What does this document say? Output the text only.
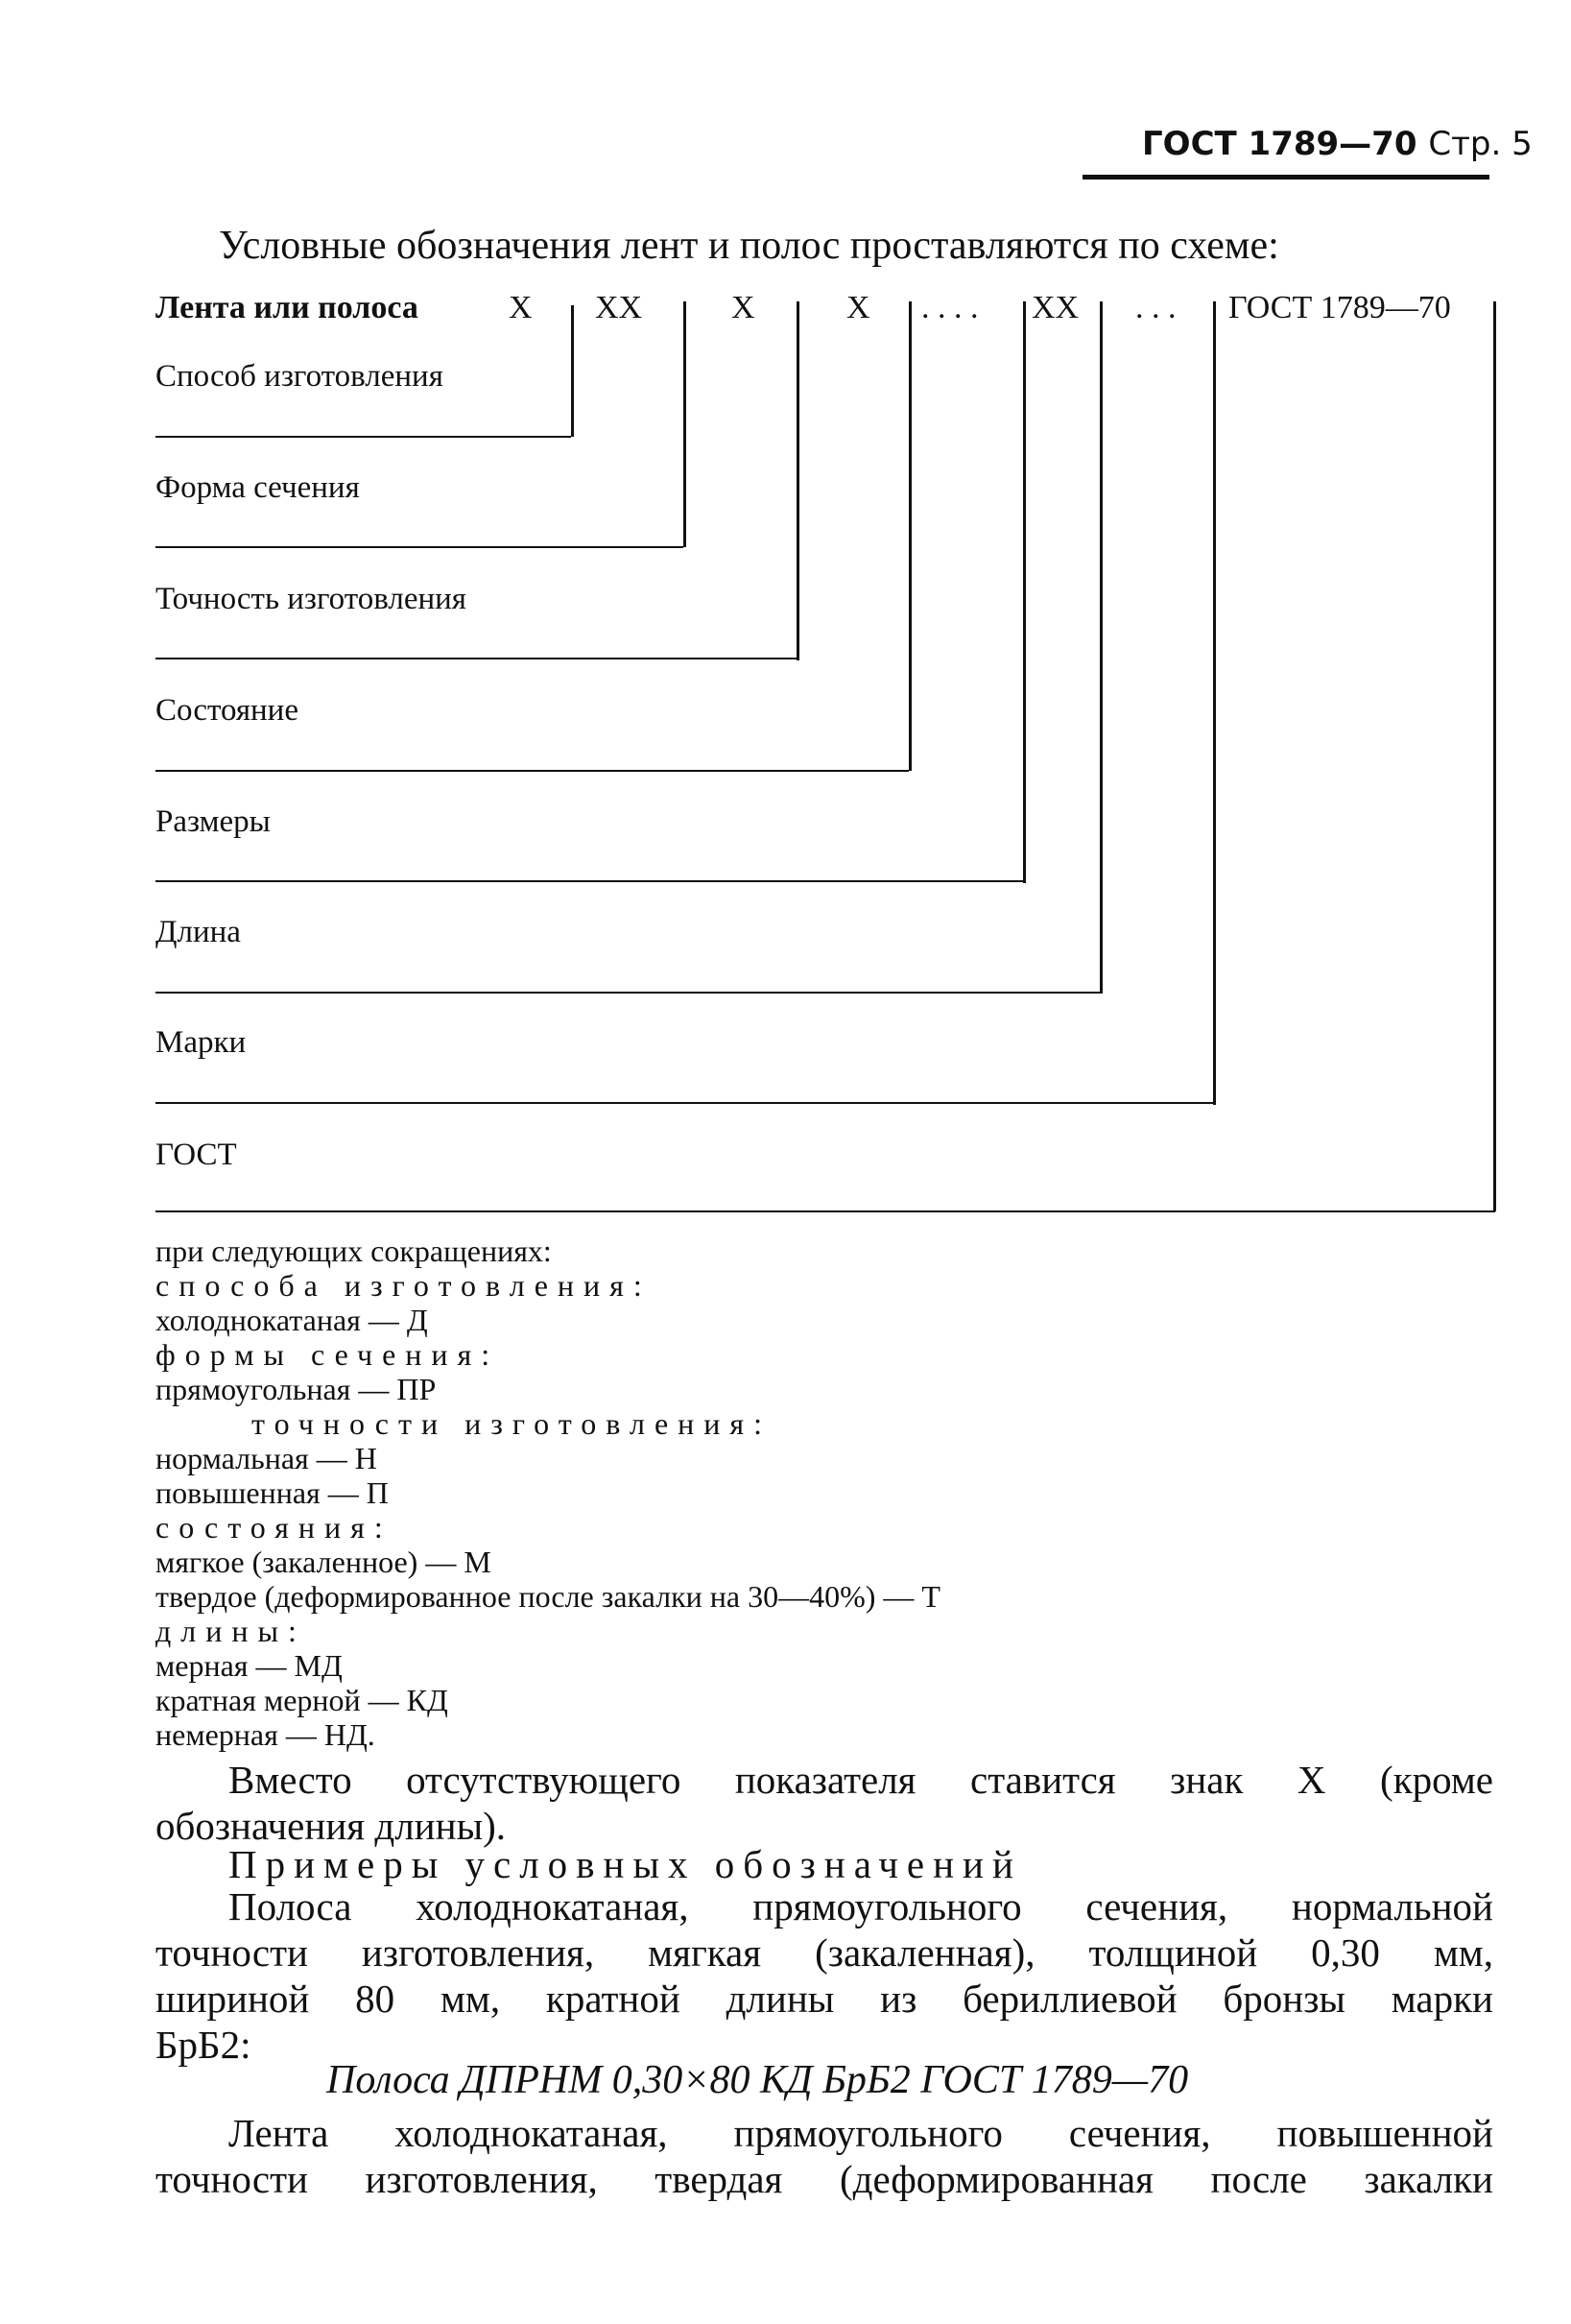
ГОСТ 1789—70 Стр. 5
Условные обозначения лент и полос проставляются по схеме:
Лента или полоса	X XX	X	X . . . . XX . . . ГОСТ 1789—70
Способ изготовления
Форма сечения
Точность изготовления
Состояние
Размеры
Длина
Марки
ГОСТ
при следующих сокращениях:
способа изготовления:
холоднокатаная — Д
формы сечения:
прямоугольная — ПР
точности изготовления:
нормальная — Н
повышенная — П
состояния:
мягкое (закаленное) — М
твердое (деформированное после закалки на 30—40%) — Т
длины:
мерная — МД
кратная мерной — КД
немерная — НД.
Вместо отсутствующего показателя ставится знак X (кроме
обозначения длины).
Примеры условных обозначений
Полоса холоднокатаная, прямоугольного сечения, нормальной
точности изготовления, мягкая (закаленная), толщиной 0,30 мм,
шириной 80 мм, кратной длины из бериллиевой бронзы марки
БрБ2:
Полоса ДПРНМ 0,30×80 КД БрБ2 ГОСТ 1789—70
Лента холоднокатаная, прямоугольного сечения, повышенной
точности изготовления, твердая (деформированная после закалки
